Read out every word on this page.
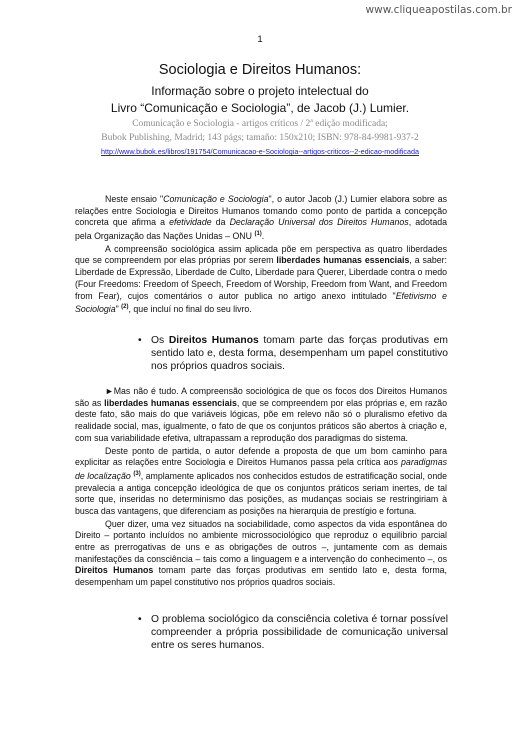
www.cliqueapostilas.com.br
1
Sociologia e Direitos Humanos:
Informação sobre o projeto intelectual do
Livro “Comunicação e Sociologia”, de Jacob (J.) Lumier.
Comunicação e Sociologia - artigos críticos / 2ª edição modificada;
Bubok Publishing, Madrid; 143 págs; tamaño: 150x210; ISBN: 978-84-9981-937-2
http://www.bubok.es/libros/191754/Comunicacao-e-Sociologia--artigos-criticos--2-edicao-modificada

Neste ensaio "Comunicação e Sociologia", o autor Jacob (J.) Lumier elabora sobre as relações entre Sociologia e Direitos Humanos tomando como ponto de partida a concepção concreta que afirma a efetividade da Declaração Universal dos Direitos Humanos, adotada pela Organização das Nações Unidas – ONU $^{(1)}$.

A compreensão sociológica assim aplicada põe em perspectiva as quatro liberdades que se compreendem por elas próprias por serem liberdades humanas essenciais, a saber: Liberdade de Expressão, Liberdade de Culto, Liberdade para Querer, Liberdade contra o medo (Four Freedoms: Freedom of Speech, Freedom of Worship, Freedom from Want, and Freedom from Fear), cujos comentários o autor publica no artigo anexo intitulado "Efetivismo e Sociologia" $^{(2)}$, que incluí no final do seu livro.

• Os Direitos Humanos tomam parte das forças produtivas em sentido lato e, desta forma, desempenham um papel constitutivo nos próprios quadros sociais.

►Mas não é tudo. A compreensão sociológica de que os focos dos Direitos Humanos são as liberdades humanas essenciais, que se compreendem por elas próprias e, em razão deste fato, são mais do que variáveis lógicas, põe em relevo não só o pluralismo efetivo da realidade social, mas, igualmente, o fato de que os conjuntos práticos são abertos à criação e, com sua variabilidade efetiva, ultrapassam a reprodução dos paradigmas do sistema.

Deste ponto de partida, o autor defende a proposta de que um bom caminho para explicitar as relações entre Sociologia e Direitos Humanos passa pela crítica aos paradigmas de localização $^{(3)}$, amplamente aplicados nos conhecidos estudos de estratificação social, onde prevalecia a antiga concepção ideológica de que os conjuntos práticos seriam inertes, de tal sorte que, inseridas no determinismo das posições, as mudanças sociais se restringiriam à busca das vantagens, que diferenciam as posições na hierarquia de prestígio e fortuna.

Quer dizer, uma vez situados na sociabilidade, como aspectos da vida espontânea do Direito – portanto incluídos no ambiente microssociológico que reproduz o equilíbrio parcial entre as prerrogativas de uns e as obrigações de outros –, juntamente com as demais manifestações da consciência – tais como a linguagem e a intervenção do conhecimento –, os Direitos Humanos tomam parte das forças produtivas em sentido lato e, desta forma, desempenham um papel constitutivo nos próprios quadros sociais.

• O problema sociológico da consciência coletiva é tornar possível compreender a própria possibilidade de comunicação universal entre os seres humanos.
